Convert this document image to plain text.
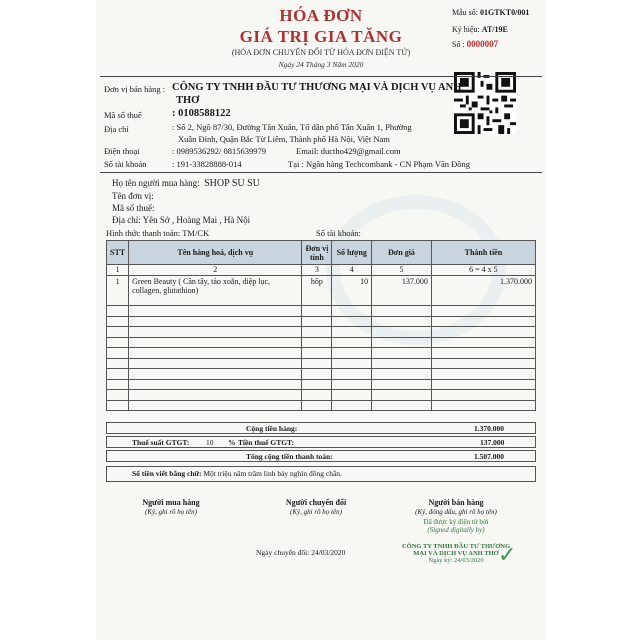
HÓA ĐƠN
GIÁ TRỊ GIA TĂNG
(HÓA ĐƠN CHUYỂN ĐỔI TỪ HÓA ĐƠN ĐIỆN TỬ)
Ngày 24 Tháng 3 Năm 2020
Mẫu số: 01GTKT0/001
Ký hiệu: AT/19E
Số : 0000007
Đơn vị bán hàng : CÔNG TY TNHH ĐẦU TƯ THƯƠNG MẠI VÀ DỊCH VỤ ANH
THƠ
Mã số thuế	: 0108588122
Địa chỉ	: Số 2, Ngõ 87/30, Đường Tân Xuân, Tổ dân phố Tân Xuân 1, Phường
Xuân Đỉnh, Quận Bắc Từ Liêm, Thành phố Hà Nội, Việt Nam
Điện thoại	: 0989536292/ 0815639979	Email: ductho429@gmail.com
Số tài khoản	: 191-33828888-014	Tại : Ngân hàng Techcombank - CN Phạm Văn Đồng
Họ tên người mua hàng: SHOP SU SU
Tên đơn vị:
Mã số thuế:
Địa chỉ: Yên Sở , Hoàng Mai , Hà Nội
Hình thức thanh toán: TM/CK	Số tài khoản:
STT	Tên hàng hoá, dịch vụ	Đơn vị tính	Số lượng	Đơn giá	Thành tiền
1	2	3	4	5	6 = 4 x 5
1	Green Beauty ( Cần tây, táo xoắn, diệp lục, collagen, glutathion)	hôp	10	137.000	1.370.000

Cộng tiền hàng:	1.370.000
Thuế suất GTGT: 10 % Tiền thuế GTGT:	137.000
Tổng cộng tiền thanh toán:	1.507.000
Số tiền viết bằng chữ: Một triệu năm trăm linh bảy nghìn đồng chẵn.
Người mua hàng
(Ký, ghi rõ họ tên)
Người chuyển đổi
(Ký, ghi rõ họ tên)
Người bán hàng
(Ký, đóng dấu, ghi rõ họ tên)
Đã được ký điện tử bởi
(Signed digitally by)
✓
CÔNG TY TNHH ĐẦU TƯ THƯƠNG
MẠI VÀ DỊCH VỤ ANH THƠ
Ngày ký: 24/03/2020
Ngày chuyển đổi: 24/03/2020
